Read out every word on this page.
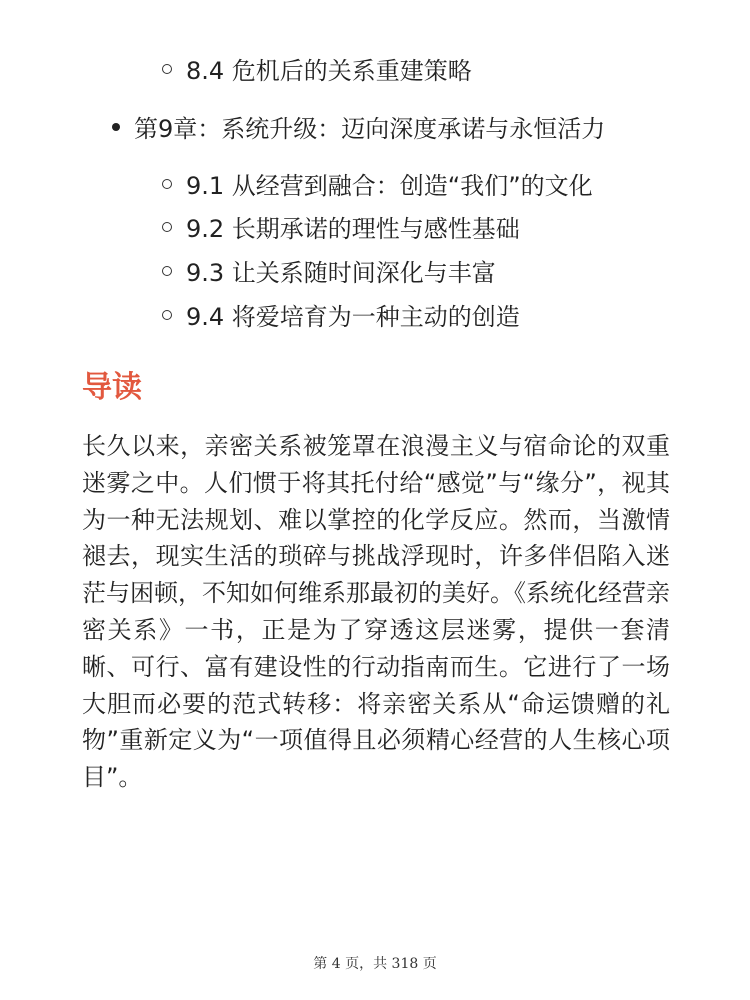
8.4 危机后的关系重建策略
第9章：系统升级：迈向深度承诺与永恒活力
9.1 从经营到融合：创造“我们”的文化
9.2 长期承诺的理性与感性基础
9.3 让关系随时间深化与丰富
9.4 将爱培育为一种主动的创造
导读

长久以来，亲密关系被笼罩在浪漫主义与宿命论的双重迷雾之中。人们惯于将其托付给“感觉”与“缘分”，视其为一种无法规划、难以掌控的化学反应。然而，当激情褪去，现实生活的琐碎与挑战浮现时，许多伴侣陷入迷茫与困顿，不知如何维系那最初的美好。《系统化经营亲密关系》一书，正是为了穿透这层迷雾，提供一套清晰、可行、富有建设性的行动指南而生。它进行了一场大胆而必要的范式转移：将亲密关系从“命运馈赠的礼物”重新定义为“一项值得且必须精心经营的人生核心项目”。

第 4 页，共 318 页
